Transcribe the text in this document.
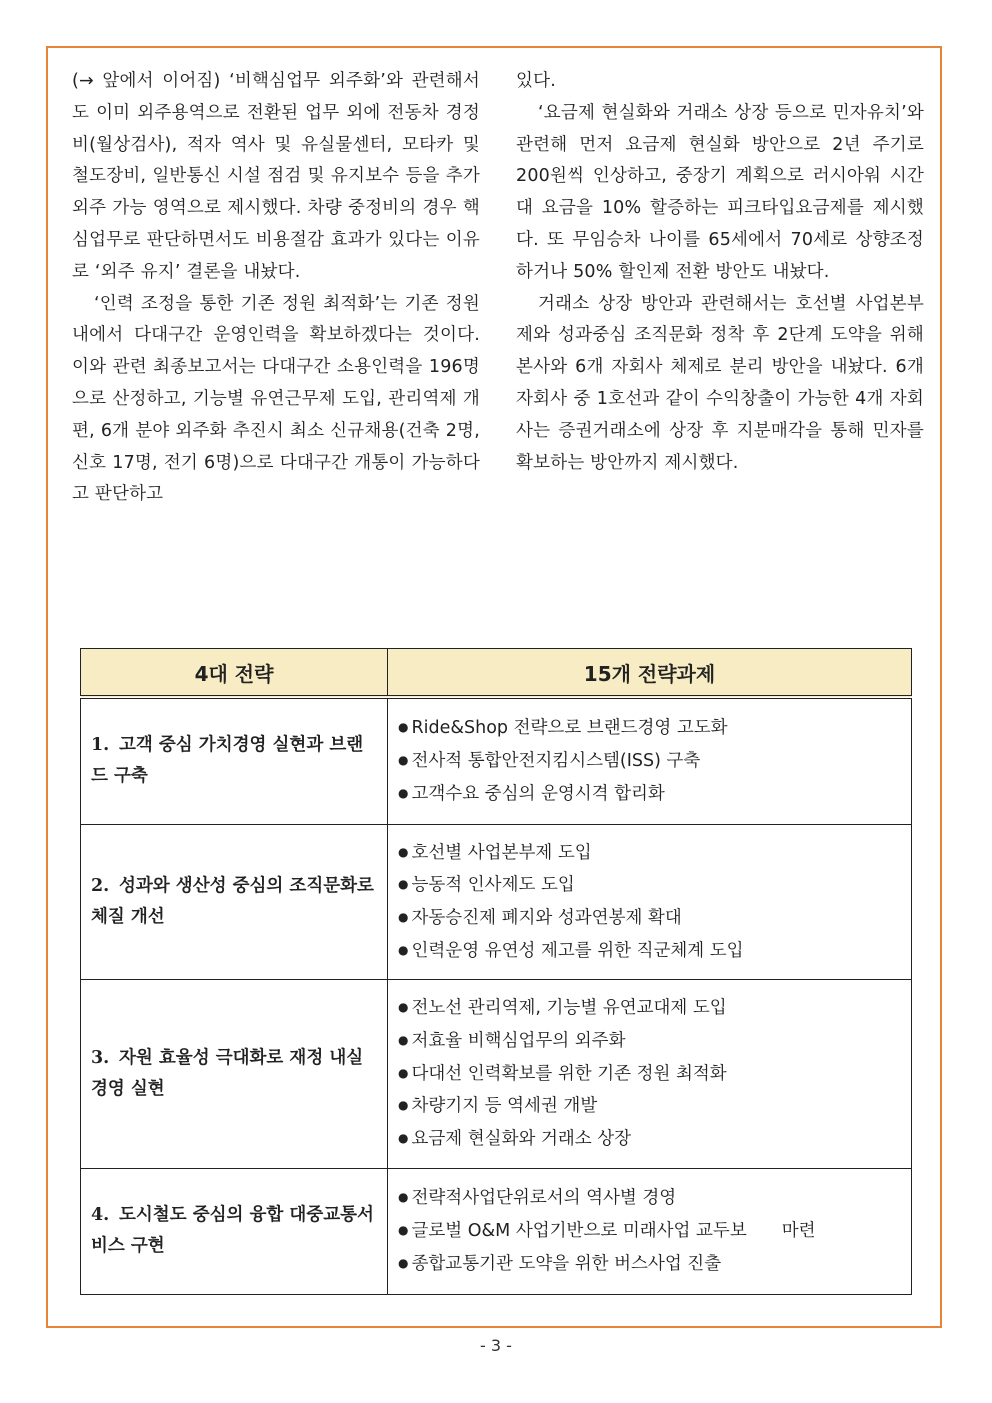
(→ 앞에서 이어짐) ‘비핵심업무 외주화’와 관련해서도 이미 외주용역으로 전환된 업무 외에 전동차 경정비(월상검사), 적자 역사 및 유실물센터, 모타카 및 철도장비, 일반통신 시설 점검 및 유지보수 등을 추가 외주 가능 영역으로 제시했다. 차량 중정비의 경우 핵심업무로 판단하면서도 비용절감 효과가 있다는 이유로 ‘외주 유지’ 결론을 내놨다.

‘인력 조정을 통한 기존 정원 최적화’는 기존 정원 내에서 다대구간 운영인력을 확보하겠다는 것이다. 이와 관련 최종보고서는 다대구간 소용인력을 196명으로 산정하고, 기능별 유연근무제 도입, 관리역제 개편, 6개 분야 외주화 추진시 최소 신규채용(건축 2명, 신호 17명, 전기 6명)으로 다대구간 개통이 가능하다고 판단하고

있다.

‘요금제 현실화와 거래소 상장 등으로 민자유치’와 관련해 먼저 요금제 현실화 방안으로 2년 주기로 200원씩 인상하고, 중장기 계획으로 러시아워 시간대 요금을 10% 할증하는 피크타입요금제를 제시했다. 또 무임승차 나이를 65세에서 70세로 상향조정하거나 50% 할인제 전환 방안도 내놨다.

거래소 상장 방안과 관련해서는 호선별 사업본부제와 성과중심 조직문화 정착 후 2단계 도약을 위해 본사와 6개 자회사 체제로 분리 방안을 내놨다. 6개 자회사 중 1호선과 같이 수익창출이 가능한 4개 자회사는 증권거래소에 상장 후 지분매각을 통해 민자를 확보하는 방안까지 제시했다.

4대 전략	15개 전략과제
1. 고객 중심 가치경영 실현과 브랜드 구축	● Ride&Shop 전략으로 브랜드경영 고도화
● 전사적 통합안전지킴시스템(ISS) 구축
● 고객수요 중심의 운영시격 합리화

2. 성과와 생산성 중심의 조직문화로 체질 개선	● 호선별 사업본부제 도입
● 능동적 인사제도 도입
● 자동승진제 폐지와 성과연봉제 확대
● 인력운영 유연성 제고를 위한 직군체계 도입

3. 자원 효율성 극대화로 재정 내실경영 실현	● 전노선 관리역제, 기능별 유연교대제 도입
● 저효율 비핵심업무의 외주화
● 다대선 인력확보를 위한 기존 정원 최적화
● 차량기지 등 역세권 개발
● 요금제 현실화와 거래소 상장

4. 도시철도 중심의 융합 대중교통서비스 구현	● 전략적사업단위로서의 역사별 경영
● 글로벌 O&M 사업기반으로 미래사업 교두보　　마련
● 종합교통기관 도약을 위한 버스사업 진출
- 3 -
